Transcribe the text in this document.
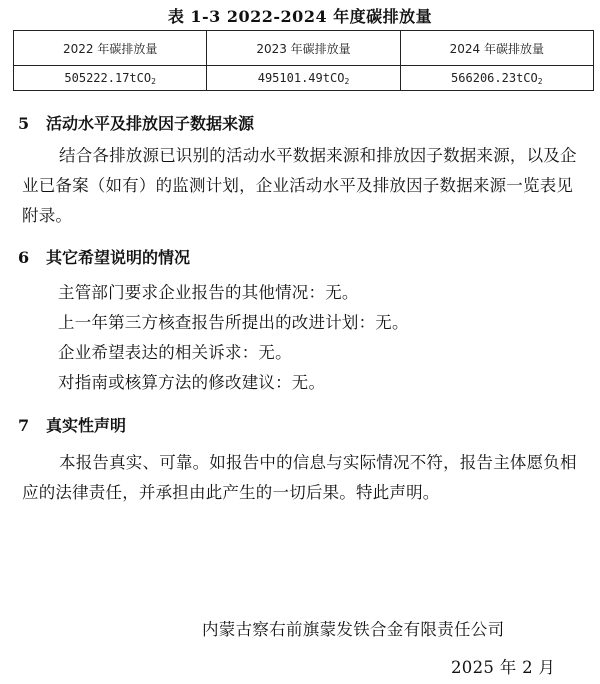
表 1-3 2022-2024 年度碳排放量
2022 年碳排放量	2023 年碳排放量	2024 年碳排放量
505222.17tCO$_2$	495101.49tCO$_2$	566206.23tCO$_2$
5 活动水平及排放因子数据来源
结合各排放源已识别的活动水平数据来源和排放因子数据来源，以及企业已备案（如有）的监测计划，企业活动水平及排放因子数据来源一览表见附录。
6 其它希望说明的情况
主管部门要求企业报告的其他情况：无。
上一年第三方核查报告所提出的改进计划：无。
企业希望表达的相关诉求：无。
对指南或核算方法的修改建议：无。
7 真实性声明
本报告真实、可靠。如报告中的信息与实际情况不符，报告主体愿负相应的法律责任，并承担由此产生的一切后果。特此声明。
内蒙古察右前旗蒙发铁合金有限责任公司
2025 年 2 月
